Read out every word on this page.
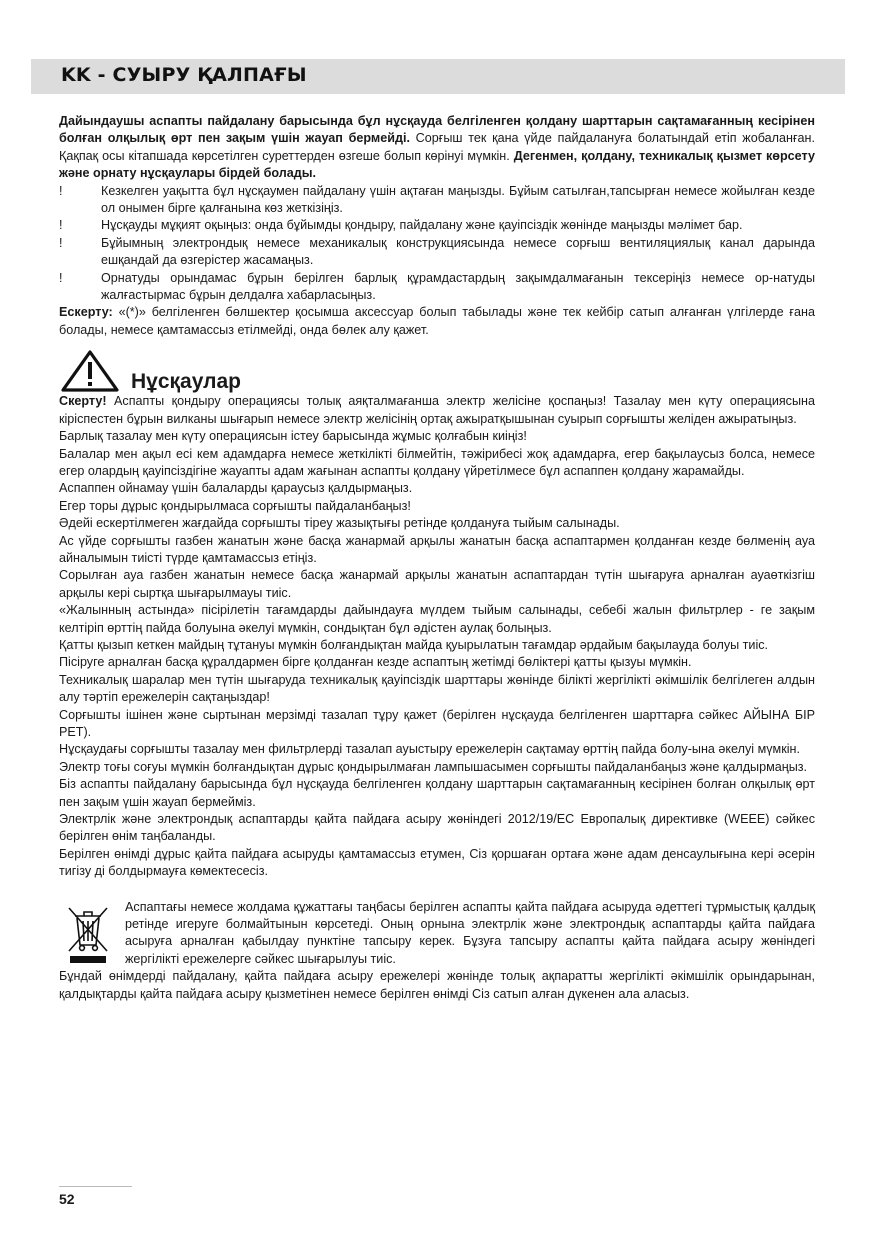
KK - СУЫРУ ҚАЛПАҒЫ

Дайындаушы аспапты пайдалану барысында бұл нұсқауда белгіленген қолдану шарттарын сақтамағанның кесірінен болған олқылық өрт пен зақым үшін жауап бермейді. Сорғыш тек қана үйде пайдалануға болатындай етіп жобаланған. Қақпақ осы кітапшада көрсетілген суреттерден өзгеше болып көрінуі мүмкін. Дегенмен, қолдану, техникалық қызмет көрсету және орнату нұсқаулары бірдей болады.

!	Кезкелген уақытта бұл нұсқаумен пайдалану үшін ақтаған маңызды. Бұйым сатылған,тапсырған немесе жойылған кезде ол онымен бірге қалғанына көз жеткізіңіз.
!	Нұсқауды мұқият оқыңыз: онда бұйымды қондыру, пайдалану және қауіпсіздік жөнінде маңызды мәлімет бар.
!	Бұйымның электрондық немесе механикалық конструкциясында немесе сорғыш вентиляциялық канал дарында ешқандай да өзгерістер жасамаңыз.
!	Орнатуды орындамас бұрын берілген барлық құрамдастардың зақымдалмағанын тексеріңіз немесе ор-натуды жалғастырмас бұрын делдалға хабарласыңыз.

Ескерту: «(*)» белгіленген бөлшектер қосымша аксессуар болып табылады және тек кейбір сатып алғанған үлгілерде ғана болады, немесе қамтамассыз етілмейді, онда бөлек алу қажет.

Нұсқаулар

Скерту! Аспапты қондыру операциясы толық аяқталмағанша электр желісіне қоспаңыз! Тазалау мен күту операциясына кіріспестен бұрын вилканы шығарып немесе электр желісінің ортақ ажыратқышынан суырып сорғышты желіден ажыратыңыз.

Барлық тазалау мен күту операциясын істеу барысында жұмыс қолғабын киіңіз!

Балалар мен ақыл есі кем адамдарға немесе жеткілікті білмейтін, тәжірибесі жоқ адамдарға, егер бақылаусыз болса, немесе егер олардың қауіпсіздігіне жауапты адам жағынан аспапты қолдану үйретілмесе бұл аспаппен қолдану жарамайды.

Аспаппен ойнамау үшін балаларды қараусыз қалдырмаңыз.

Егер торы дұрыс қондырылмаса сорғышты пайдаланбаңыз!

Әдейі ескертілмеген жағдайда сорғышты тіреу жазықтығы ретінде қолдануға тыйым салынады.

Ас үйде сорғышты газбен жанатын және басқа жанармай арқылы жанатын басқа аспаптармен қолданған кезде бөлменің ауа айналымын тиісті түрде қамтамассыз етіңіз.

Сорылған ауа газбен жанатын немесе басқа жанармай арқылы жанатын аспаптардан түтін шығаруға арналған ауаөткізгіш арқылы кері сыртқа шығарылмауы тиіс.

«Жалынның астында» пісірілетін тағамдарды дайындауға мүлдем тыйым салынады, себебі жалын фильтрлер - ге зақым келтіріп өрттің пайда болуына әкелуі мүмкін, сондықтан бұл әдістен аулақ болыңыз.

Қатты қызып кеткен майдың тұтануы мүмкін болғандықтан майда қуырылатын тағамдар әрдайым бақылауда болуы тиіс.

Пісіруге арналған басқа құралдармен бірге қолданған кезде аспаптың жетімді бөліктері қатты қызуы мүмкін.

Техникалық шаралар мен түтін шығаруда техникалық қауіпсіздік шарттары жөнінде білікті жергілікті әкімшілік белгілеген алдын алу тәртіп ережелерін сақтаңыздар!

Сорғышты ішінен және сыртынан мерзімді тазалап тұру қажет (берілген нұсқауда белгіленген шарттарға сәйкес АЙЫНА БІР РЕТ).

Нұсқаудағы сорғышты тазалау мен фильтрлерді тазалап ауыстыру ережелерін сақтамау өрттің пайда болу-ына әкелуі мүмкін.

Электр тоғы соғуы мүмкін болғандықтан дұрыс қондырылмаған лампышасымен сорғышты пайдаланбаңыз және қалдырмаңыз.

Біз аспапты пайдалану барысында бұл нұсқауда белгіленген қолдану шарттарын сақтамағанның кесірінен болған олқылық өрт пен зақым үшін жауап бермейміз.

Электрлік және электрондық аспаптарды қайта пайдаға асыру жөніндегі 2012/19/EC Европалық директивке (WEEE) сәйкес берілген өнім таңбаланды.

Берілген өнімді дұрыс қайта пайдаға асыруды қамтамассыз етумен, Сіз қоршаған ортаға және адам денсаулығына кері әсерін тигізу ді болдырмауға көмектесесіз.

Аспаптағы немесе жолдама құжаттағы таңбасы берілген аспапты қайта пайдаға асыруда әдеттегі тұрмыстық қалдық ретінде игеруге болмайтынын көрсетеді. Оның орнына электрлік және электрондық аспаптарды қайта пайдаға асыруға арналған қабылдау пунктіне тапсыру керек. Бұзуға тапсыру аспапты қайта пайдаға асыру жөніндегі жергілікті ережелерге сәйкес шығарылуы тиіс.

Бұндай өнімдерді пайдалану, қайта пайдаға асыру ережелері жөнінде толық ақпаратты жергілікті әкімшілік орындарынан, қалдықтарды қайта пайдаға асыру қызметінен немесе берілген өнімді Сіз сатып алған дүкенен ала аласыз.

52
